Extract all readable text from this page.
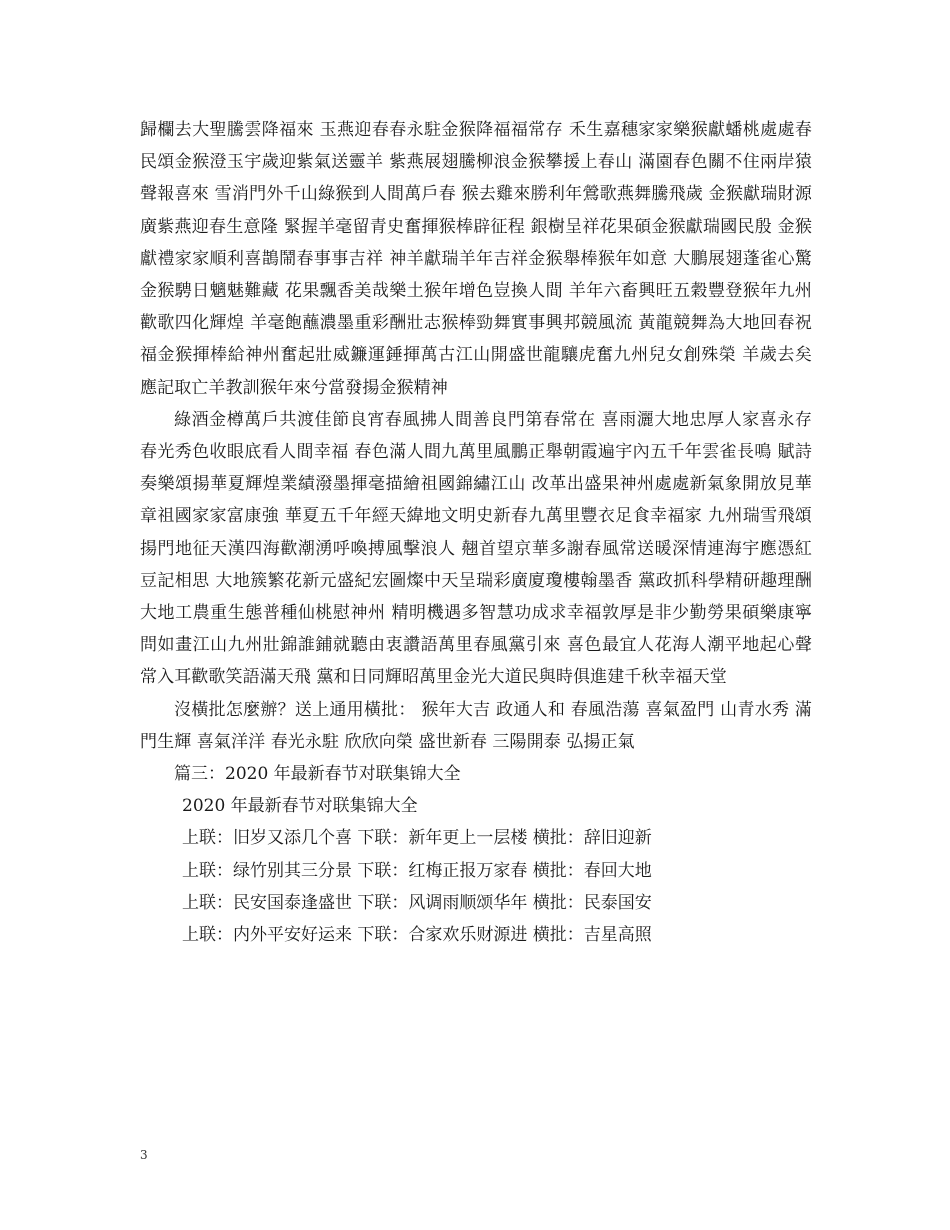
歸欄去大聖騰雲降福來 玉燕迎春春永駐金猴降福福常存 禾生嘉穗家家樂猴獻蟠桃處處春 民頌金猴澄玉宇歲迎紫氣送靈羊 紫燕展翅騰柳浪金猴攀援上春山 滿園春色關不住兩岸猿聲報喜來 雪消門外千山綠猴到人間萬戶春 猴去雞來勝利年鶯歌燕舞騰飛歲 金猴獻瑞財源廣紫燕迎春生意隆 緊握羊毫留青史奮揮猴棒辟征程 銀樹呈祥花果碩金猴獻瑞國民殷 金猴獻禮家家順利喜鵲鬧春事事吉祥 神羊獻瑞羊年吉祥金猴舉棒猴年如意 大鵬展翅蓬雀心驚金猴騁日魑魅難藏 花果飄香美哉樂土猴年增色豈換人間 羊年六畜興旺五穀豐登猴年九州歡歌四化輝煌 羊毫飽蘸濃墨重彩酬壯志猴棒勁舞實事興邦競風流 黃龍競舞為大地回春祝福金猴揮棒給神州奮起壯威鐮運錘揮萬古江山開盛世龍驤虎奮九州兒女創殊榮 羊歲去矣應記取亡羊教訓猴年來兮當發揚金猴精神

綠酒金樽萬戶共渡佳節良宵春風拂人間善良門第春常在 喜雨灑大地忠厚人家喜永存春光秀色收眼底看人間幸福 春色滿人間九萬里風鵬正舉朝霞遍宇內五千年雲雀長鳴 賦詩奏樂頌揚華夏輝煌業績潑墨揮毫描繪祖國錦繡江山 改革出盛果神州處處新氣象開放見華章祖國家家富康強 華夏五千年經天緯地文明史新春九萬里豐衣足食幸福家 九州瑞雪飛頌揚門地征天漢四海歡潮湧呼喚搏風擊浪人 翹首望京華多謝春風常送暖深情連海宇應憑紅豆記相思 大地簇繁花新元盛紀宏圖燦中天呈瑞彩廣廈瓊樓翰墨香 黨政抓科學精研趣理酬大地工農重生態普種仙桃慰神州 精明機遇多智慧功成求幸福敦厚是非少勤勞果碩樂康寧 問如畫江山九州壯錦誰鋪就聽由衷讚語萬里春風黨引來 喜色最宜人花海人潮平地起心聲常入耳歡歌笑語滿天飛 黨和日同輝昭萬里金光大道民與時俱進建千秋幸福天堂

沒橫批怎麼辦？送上通用橫批： 猴年大吉 政通人和 春風浩蕩 喜氣盈門 山青水秀 滿門生輝 喜氣洋洋 春光永駐 欣欣向榮 盛世新春 三陽開泰 弘揚正氣

篇三：2020 年最新春节对联集锦大全

2020 年最新春节对联集锦大全

上联：旧岁又添几个喜 下联：新年更上一层楼 横批：辞旧迎新

上联：绿竹别其三分景 下联：红梅正报万家春 横批：春回大地

上联：民安国泰逢盛世 下联：风调雨顺颂华年 横批：民泰国安

上联：内外平安好运来 下联：合家欢乐财源进 横批：吉星高照

3
